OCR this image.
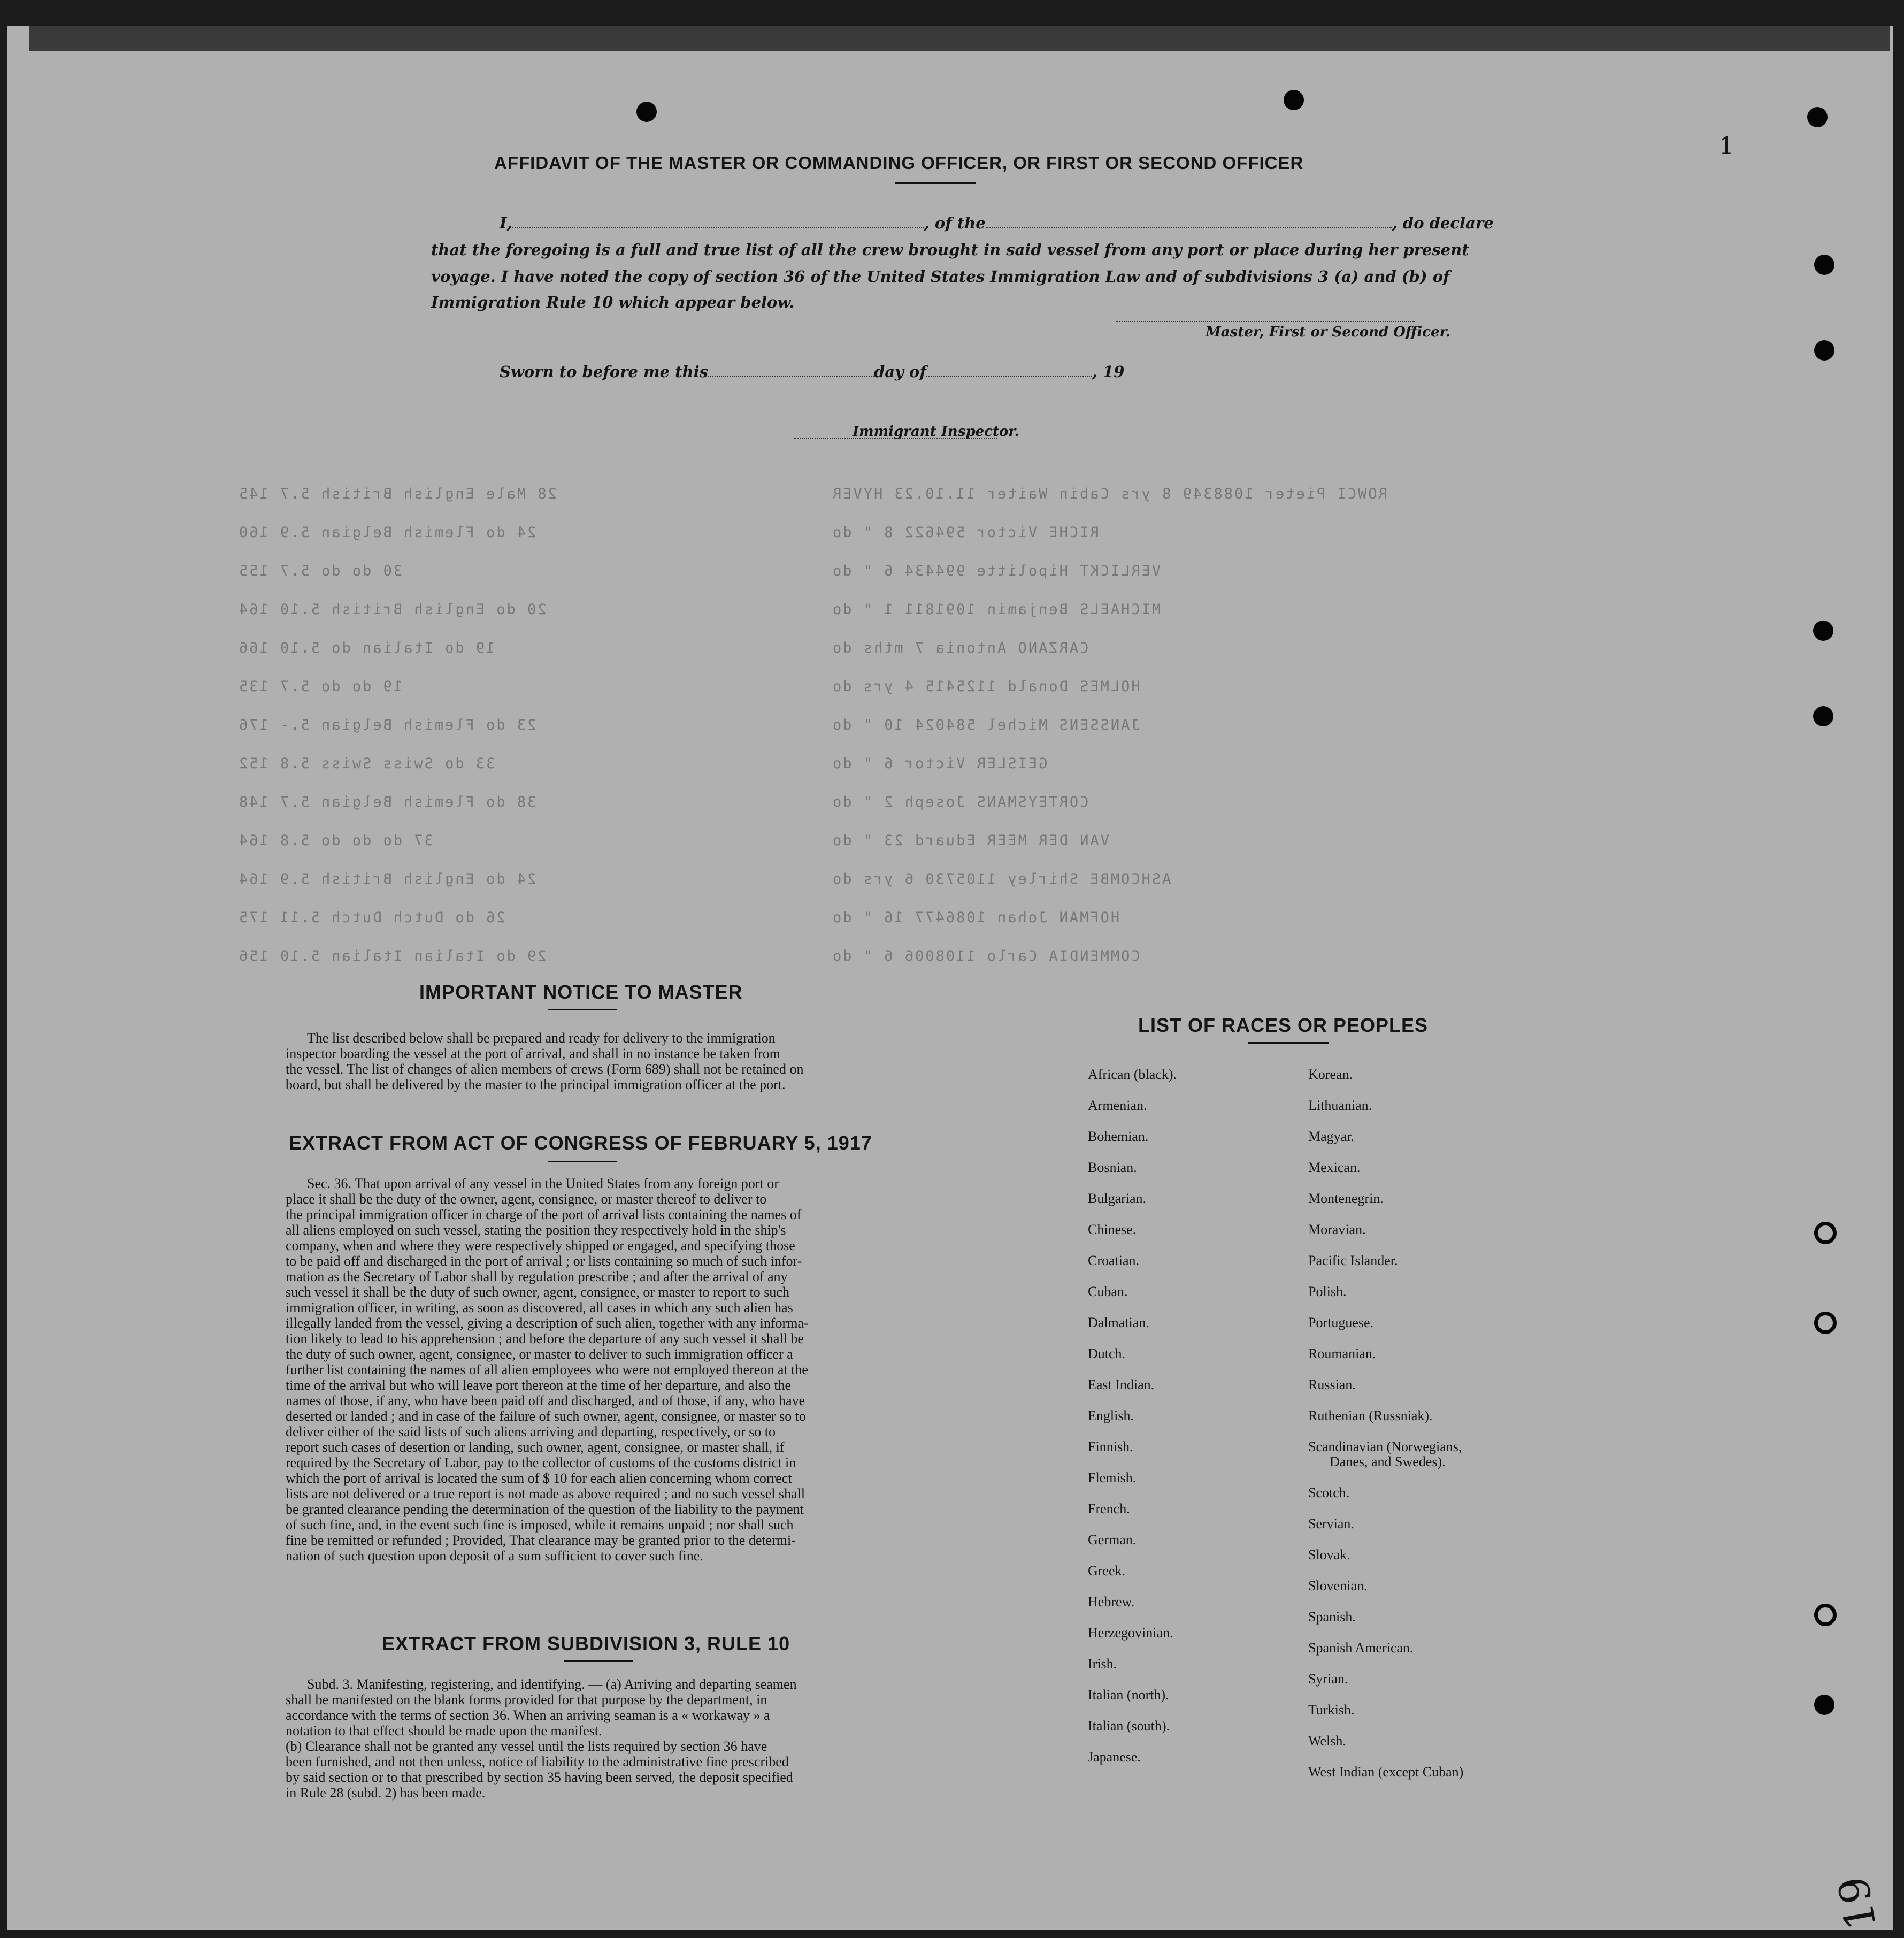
1
28 Male English British 5.7 145	ROWCI Pieter 1088349 8 yrs Cabin Waiter 11.10.23 HYVER
24 do Flemish Belgian 5.9 160	RICHE Victor 594622 8 " do
30 do do 5.7 155	VERLICKT Hipolitte 994434 6 " do
20 do English British 5.10 164	MICHAELS Benjamin 1091811 1 " do
19 do Italian do 5.10 166	CARZANO Antonia 7 mths do
19 do do 5.7 135	HOLMES Donald 1125415 4 yrs do
23 do Flemish Belgian 5.- 176	JANSSENS Michel 584024 10 " do
33 do Swiss Swiss 5.8 152	GEISLER Victor 6 " do
38 do Flemish Belgian 5.7 148	CORTEYSMANS Joseph 2 " do
37 do do do 5.8 164	VAN DER MEER Eduard 23 " do
24 do English British 5.9 164	ASHCOMBE Shirley 1105730 6 yrs do
26 do Dutch Dutch 5.11 175	HOFMAN Johan 1086477 16 " do
29 do Italian Italian 5.10 156	COMMENDIA Carlo 1108006 6 " do
AFFIDAVIT OF THE MASTER OR COMMANDING OFFICER, OR FIRST OR SECOND OFFICER
I,	, of the	, do declare
that the foregoing is a full and true list of all the crew brought in said vessel from any port or place during her present
voyage. I have noted the copy of section 36 of the United States Immigration Law and of subdivisions 3 (a) and (b) of
Immigration Rule 10 which appear below.
Master, First or Second Officer.
Sworn to before me this	day of	, 19
Immigrant Inspector.
IMPORTANT NOTICE TO MASTER

The list described below shall be prepared and ready for delivery to the immigration

inspector boarding the vessel at the port of arrival, and shall in no instance be taken from

the vessel. The list of changes of alien members of crews (Form 689) shall not be retained on

board, but shall be delivered by the master to the principal immigration officer at the port.

EXTRACT FROM ACT OF CONGRESS OF FEBRUARY 5, 1917

Sec. 36. That upon arrival of any vessel in the United States from any foreign port or

place it shall be the duty of the owner, agent, consignee, or master thereof to deliver to

the principal immigration officer in charge of the port of arrival lists containing the names of

all aliens employed on such vessel, stating the position they respectively hold in the ship's

company, when and where they were respectively shipped or engaged, and specifying those

to be paid off and discharged in the port of arrival ; or lists containing so much of such infor-

mation as the Secretary of Labor shall by regulation prescribe ; and after the arrival of any

such vessel it shall be the duty of such owner, agent, consignee, or master to report to such

immigration officer, in writing, as soon as discovered, all cases in which any such alien has

illegally landed from the vessel, giving a description of such alien, together with any informa-

tion likely to lead to his apprehension ; and before the departure of any such vessel it shall be

the duty of such owner, agent, consignee, or master to deliver to such immigration officer a

further list containing the names of all alien employees who were not employed thereon at the

time of the arrival but who will leave port thereon at the time of her departure, and also the

names of those, if any, who have been paid off and discharged, and of those, if any, who have

deserted or landed ; and in case of the failure of such owner, agent, consignee, or master so to

deliver either of the said lists of such aliens arriving and departing, respectively, or so to

report such cases of desertion or landing, such owner, agent, consignee, or master shall, if

required by the Secretary of Labor, pay to the collector of customs of the customs district in

which the port of arrival is located the sum of $ 10 for each alien concerning whom correct

lists are not delivered or a true report is not made as above required ; and no such vessel shall

be granted clearance pending the determination of the question of the liability to the payment

of such fine, and, in the event such fine is imposed, while it remains unpaid ; nor shall such

fine be remitted or refunded ; Provided, That clearance may be granted prior to the determi-

nation of such question upon deposit of a sum sufficient to cover such fine.

EXTRACT FROM SUBDIVISION 3, RULE 10

Subd. 3. Manifesting, registering, and identifying. — (a) Arriving and departing seamen

shall be manifested on the blank forms provided for that purpose by the department, in

accordance with the terms of section 36. When an arriving seaman is a « workaway » a

notation to that effect should be made upon the manifest.

(b) Clearance shall not be granted any vessel until the lists required by section 36 have

been furnished, and not then unless, notice of liability to the administrative fine prescribed

by said section or to that prescribed by section 35 having been served, the deposit specified

in Rule 28 (subd. 2) has been made.

LIST OF RACES OR PEOPLES
African (black).
Armenian.
Bohemian.
Bosnian.
Bulgarian.
Chinese.
Croatian.
Cuban.
Dalmatian.
Dutch.
East Indian.
English.
Finnish.
Flemish.
French.
German.
Greek.
Hebrew.
Herzegovinian.
Irish.
Italian (north).
Italian (south).
Japanese.
Korean.
Lithuanian.
Magyar.
Mexican.
Montenegrin.
Moravian.
Pacific Islander.
Polish.
Portuguese.
Roumanian.
Russian.
Ruthenian (Russniak).
Scandinavian (Norwegians,
Danes, and Swedes).
Scotch.
Servian.
Slovak.
Slovenian.
Spanish.
Spanish American.
Syrian.
Turkish.
Welsh.
West Indian (except Cuban)
19
